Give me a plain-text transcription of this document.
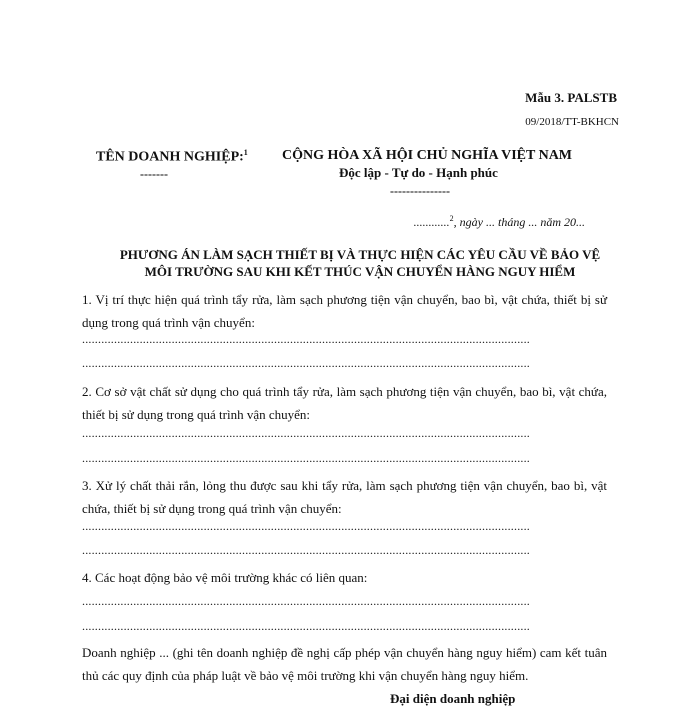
Mẫu 3. PALSTB
09/2018/TT-BKHCN
TÊN DOANH NGHIỆP:$^1$
-------
CỘNG HÒA XÃ HỘI CHỦ NGHĨA VIỆT NAM
Độc lập - Tự do - Hạnh phúc
---------------
............$^2$, ngày ... tháng ... năm 20...
PHƯƠNG ÁN LÀM SẠCH THIẾT BỊ VÀ THỰC HIỆN CÁC YÊU CẦU VỀ BẢO VỆ
MÔI TRƯỜNG SAU KHI KẾT THÚC VẬN CHUYỂN HÀNG NGUY HIỂM
1. Vị trí thực hiện quá trình tẩy rửa, làm sạch phương tiện vận chuyển, bao bì, vật chứa, thiết bị sử dụng trong quá trình vận chuyển:
............................................................................................................................................
............................................................................................................................................
2. Cơ sở vật chất sử dụng cho quá trình tẩy rửa, làm sạch phương tiện vận chuyển, bao bì, vật chứa, thiết bị sử dụng trong quá trình vận chuyển:
............................................................................................................................................
............................................................................................................................................
3. Xử lý chất thải rắn, lỏng thu được sau khi tẩy rửa, làm sạch phương tiện vận chuyển, bao bì, vật chứa, thiết bị sử dụng trong quá trình vận chuyển:
............................................................................................................................................
............................................................................................................................................
4. Các hoạt động bảo vệ môi trường khác có liên quan:
............................................................................................................................................
............................................................................................................................................
Doanh nghiệp ... (ghi tên doanh nghiệp đề nghị cấp phép vận chuyển hàng nguy hiểm) cam kết tuân thủ các quy định của pháp luật về bảo vệ môi trường khi vận chuyển hàng nguy hiểm.
Đại diện doanh nghiệp
